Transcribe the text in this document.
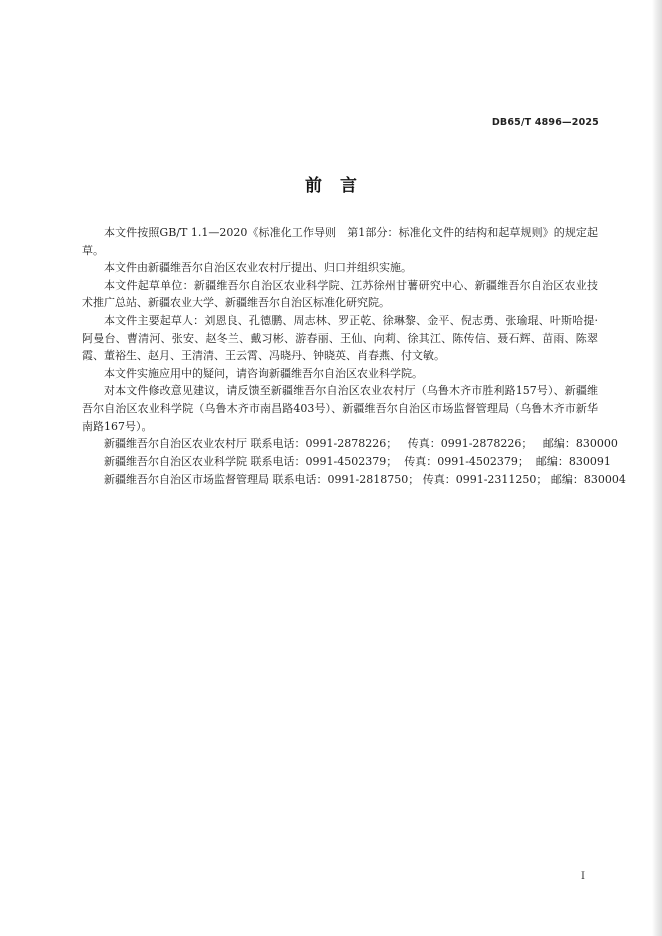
DB65/T 4896—2025
前言

本文件按照GB/T 1.1—2020《标准化工作导则　第1部分：标准化文件的结构和起草规则》的规定起草。

本文件由新疆维吾尔自治区农业农村厅提出、归口并组织实施。

本文件起草单位：新疆维吾尔自治区农业科学院、江苏徐州甘薯研究中心、新疆维吾尔自治区农业技术推广总站、新疆农业大学、新疆维吾尔自治区标准化研究院。

本文件主要起草人：刘恩良、孔德鹏、周志林、罗正乾、徐琳黎、金平、倪志勇、张瑜琨、叶斯哈提·阿曼台、曹清河、张安、赵冬兰、戴习彬、游春丽、王仙、向莉、徐其江、陈传信、聂石辉、苗雨、陈翠霞、董裕生、赵月、王清清、王云霄、冯晓丹、钟晓英、肖春燕、付文敏。

本文件实施应用中的疑问，请咨询新疆维吾尔自治区农业科学院。

对本文件修改意见建议，请反馈至新疆维吾尔自治区农业农村厅（乌鲁木齐市胜利路157号）、新疆维吾尔自治区农业科学院（乌鲁木齐市南昌路403号）、新疆维吾尔自治区市场监督管理局（乌鲁木齐市新华南路167号）。

新疆维吾尔自治区农业农村厅 联系电话：0991-2878226； 传真：0991-2878226； 邮编：830000
新疆维吾尔自治区农业科学院 联系电话：0991-4502379； 传真：0991-4502379； 邮编：830091
新疆维吾尔自治区市场监督管理局 联系电话：0991-2818750； 传真：0991-2311250； 邮编：830004
I
